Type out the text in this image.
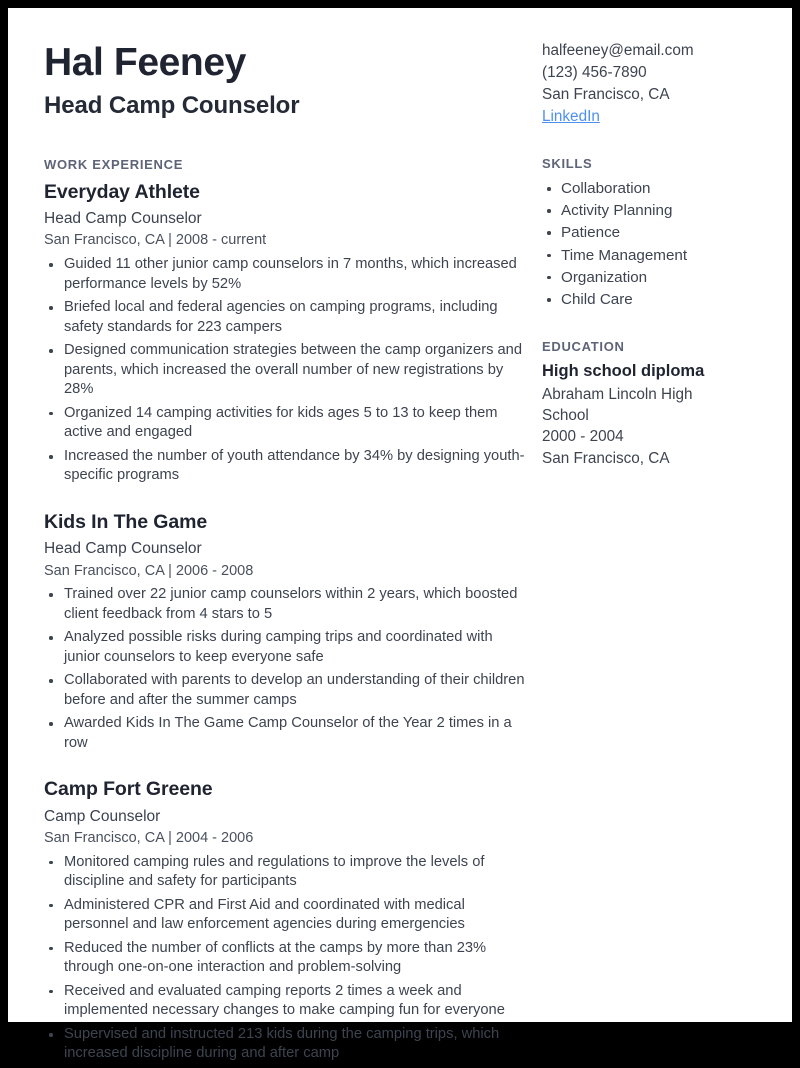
Hal Feeney
Head Camp Counselor
WORK EXPERIENCE
Everyday Athlete
Head Camp Counselor
San Francisco, CA | 2008 - current
Guided 11 other junior camp counselors in 7 months, which increased performance levels by 52%
Briefed local and federal agencies on camping programs, including safety standards for 223 campers
Designed communication strategies between the camp organizers and parents, which increased the overall number of new registrations by 28%
Organized 14 camping activities for kids ages 5 to 13 to keep them active and engaged
Increased the number of youth attendance by 34% by designing youth-specific programs
Kids In The Game
Head Camp Counselor
San Francisco, CA | 2006 - 2008
Trained over 22 junior camp counselors within 2 years, which boosted client feedback from 4 stars to 5
Analyzed possible risks during camping trips and coordinated with junior counselors to keep everyone safe
Collaborated with parents to develop an understanding of their children before and after the summer camps
Awarded Kids In The Game Camp Counselor of the Year 2 times in a row
Camp Fort Greene
Camp Counselor
San Francisco, CA | 2004 - 2006
Monitored camping rules and regulations to improve the levels of discipline and safety for participants
Administered CPR and First Aid and coordinated with medical personnel and law enforcement agencies during emergencies
Reduced the number of conflicts at the camps by more than 23% through one-on-one interaction and problem-solving
Received and evaluated camping reports 2 times a week and implemented necessary changes to make camping fun for everyone
Supervised and instructed 213 kids during the camping trips, which increased discipline during and after camp
halfeeney@email.com
(123) 456-7890
San Francisco, CA
LinkedIn
SKILLS
Collaboration
Activity Planning
Patience
Time Management
Organization
Child Care
EDUCATION
High school diploma
Abraham Lincoln High
School
2000 - 2004
San Francisco, CA
